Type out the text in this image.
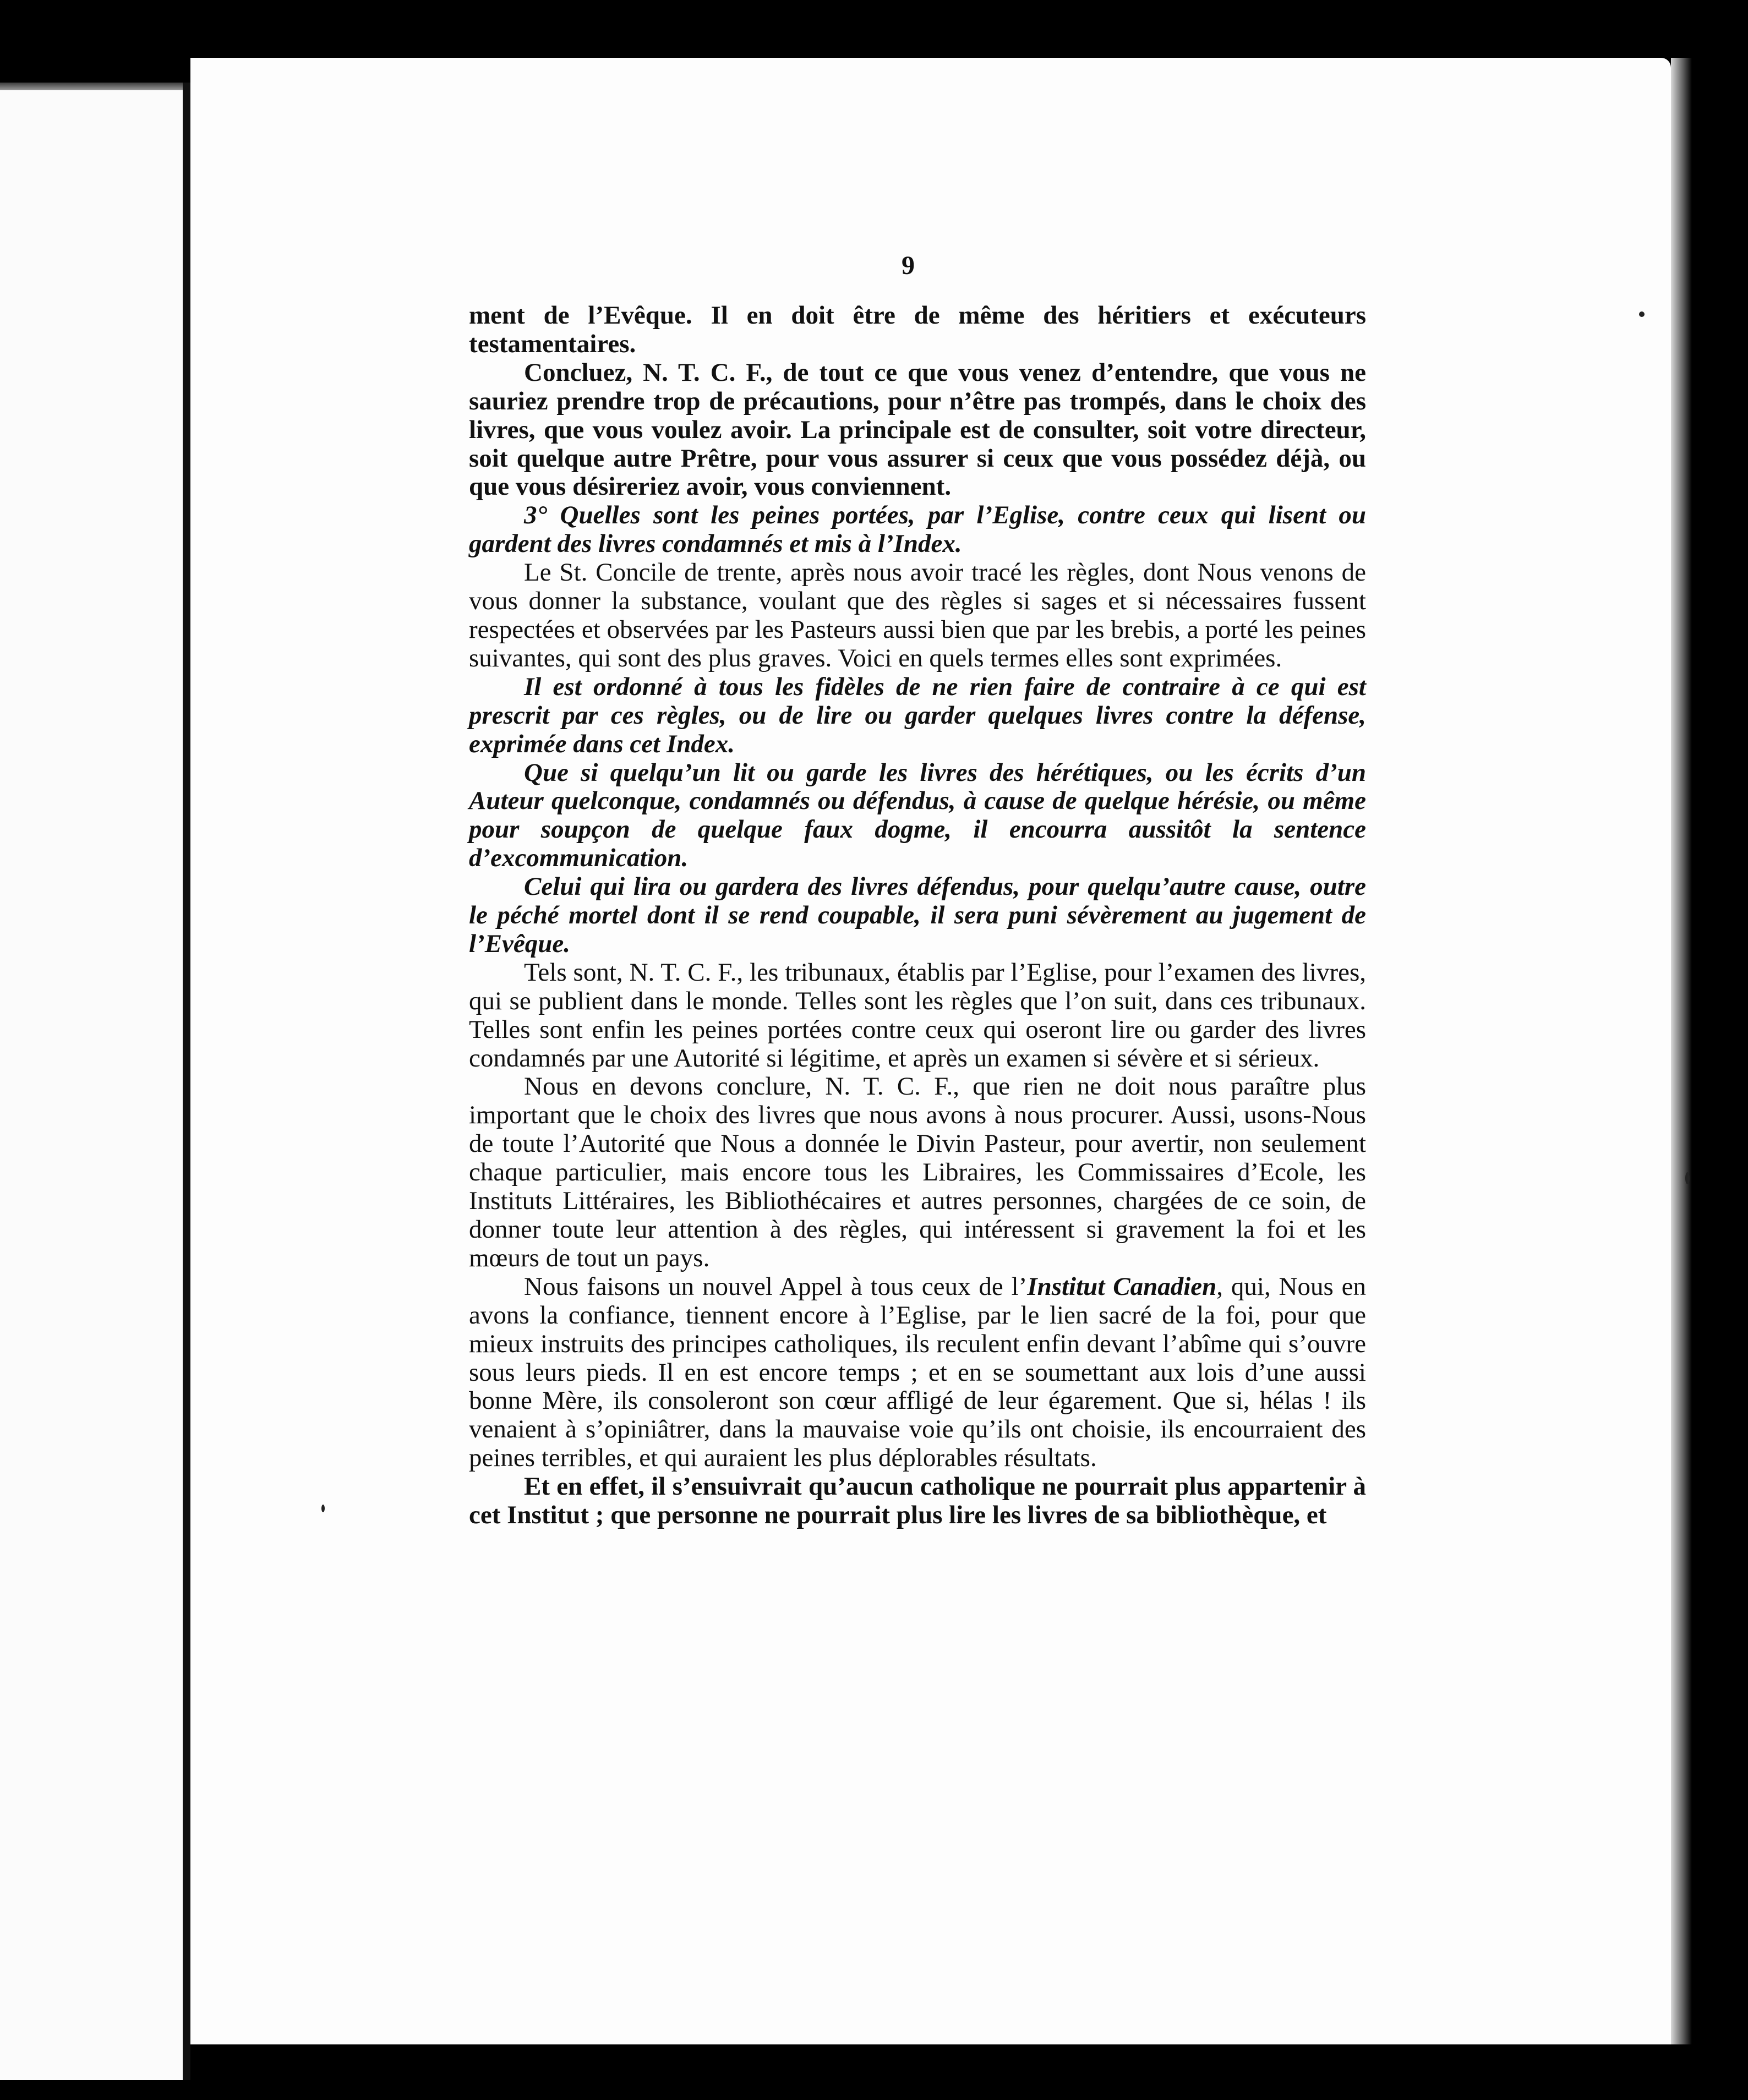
9

ment de l’Evêque. Il en doit être de même des héritiers et exécuteurs testamentaires.

Concluez, N. T. C. F., de tout ce que vous venez d’entendre, que vous ne sauriez prendre trop de précautions, pour n’être pas trompés, dans le choix des livres, que vous voulez avoir. La principale est de consulter, soit votre directeur, soit quelque autre Prêtre, pour vous assurer si ceux que vous possédez déjà, ou que vous désireriez avoir, vous conviennent.

3° Quelles sont les peines portées, par l’Eglise, contre ceux qui lisent ou gardent des livres condamnés et mis à l’Index.

Le St. Concile de trente, après nous avoir tracé les règles, dont Nous venons de vous donner la substance, voulant que des règles si sages et si nécessaires fussent respectées et observées par les Pasteurs aussi bien que par les brebis, a porté les peines suivantes, qui sont des plus graves. Voici en quels termes elles sont exprimées.

Il est ordonné à tous les fidèles de ne rien faire de contraire à ce qui est prescrit par ces règles, ou de lire ou garder quelques livres contre la défense, exprimée dans cet Index.

Que si quelqu’un lit ou garde les livres des hérétiques, ou les écrits d’un Auteur quelconque, condamnés ou défendus, à cause de quelque hérésie, ou même pour soupçon de quelque faux dogme, il encourra aussitôt la sentence d’excommunication.

Celui qui lira ou gardera des livres défendus, pour quelqu’autre cause, outre le péché mortel dont il se rend coupable, il sera puni sévèrement au jugement de l’Evêque.

Tels sont, N. T. C. F., les tribunaux, établis par l’Eglise, pour l’examen des livres, qui se publient dans le monde. Telles sont les règles que l’on suit, dans ces tribunaux. Telles sont enfin les peines portées contre ceux qui oseront lire ou garder des livres condamnés par une Autorité si légitime, et après un examen si sévère et si sérieux.

Nous en devons conclure, N. T. C. F., que rien ne doit nous paraître plus important que le choix des livres que nous avons à nous procurer. Aussi, usons-Nous de toute l’Autorité que Nous a donnée le Divin Pasteur, pour avertir, non seulement chaque particulier, mais encore tous les Libraires, les Commissaires d’Ecole, les Instituts Littéraires, les Bibliothécaires et autres personnes, chargées de ce soin, de donner toute leur attention à des règles, qui intéressent si gravement la foi et les mœurs de tout un pays.

Nous faisons un nouvel Appel à tous ceux de l’Institut Canadien, qui, Nous en avons la confiance, tiennent encore à l’Eglise, par le lien sacré de la foi, pour que mieux instruits des principes catholiques, ils reculent enfin devant l’abîme qui s’ouvre sous leurs pieds. Il en est encore temps ; et en se soumettant aux lois d’une aussi bonne Mère, ils consoleront son cœur affligé de leur égarement. Que si, hélas ! ils venaient à s’opiniâtrer, dans la mauvaise voie qu’ils ont choisie, ils encourraient des peines terribles, et qui auraient les plus déplorables résultats.

Et en effet, il s’ensuivrait qu’aucun catholique ne pourrait plus appartenir à cet Institut ; que personne ne pourrait plus lire les livres de sa bibliothèque, et
